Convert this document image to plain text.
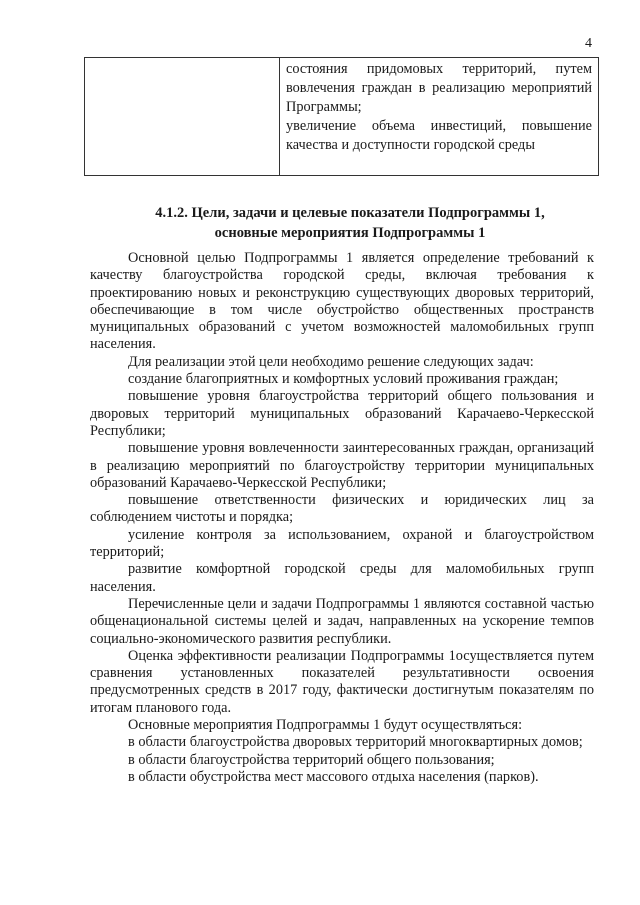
4
состояния придомовых территорий, путем вовлечения граждан в реализацию мероприятий Программы;
увеличение объема инвестиций, повышение качества и доступности городской среды
4.1.2. Цели, задачи и целевые показатели Подпрограммы 1,
основные мероприятия Подпрограммы 1

Основной целью Подпрограммы 1 является определение требований к качеству благоустройства городской среды, включая требования к проектированию новых и реконструкцию существующих дворовых территорий, обеспечивающие в том числе обустройство общественных пространств муниципальных образований с учетом возможностей маломобильных групп населения.

Для реализации этой цели необходимо решение следующих задач:

создание благоприятных и комфортных условий проживания граждан;

повышение уровня благоустройства территорий общего пользования и дворовых территорий муниципальных образований Карачаево-Черкесской Республики;

повышение уровня вовлеченности заинтересованных граждан, организаций в реализацию мероприятий по благоустройству территории муниципальных образований Карачаево-Черкесской Республики;

повышение ответственности физических и юридических лиц за соблюдением чистоты и порядка;

усиление контроля за использованием, охраной и благоустройством территорий;

развитие комфортной городской среды для маломобильных групп населения.

Перечисленные цели и задачи Подпрограммы 1 являются составной частью общенациональной системы целей и задач, направленных на ускорение темпов социально-экономического развития республики.

Оценка эффективности реализации Подпрограммы 1осуществляется путем сравнения установленных показателей результативности освоения предусмотренных средств в 2017 году, фактически достигнутым показателям по итогам планового года.

Основные мероприятия Подпрограммы 1 будут осуществляться:

в области благоустройства дворовых территорий многоквартирных домов;

в области благоустройства территорий общего пользования;

в области обустройства мест массового отдыха населения (парков).
